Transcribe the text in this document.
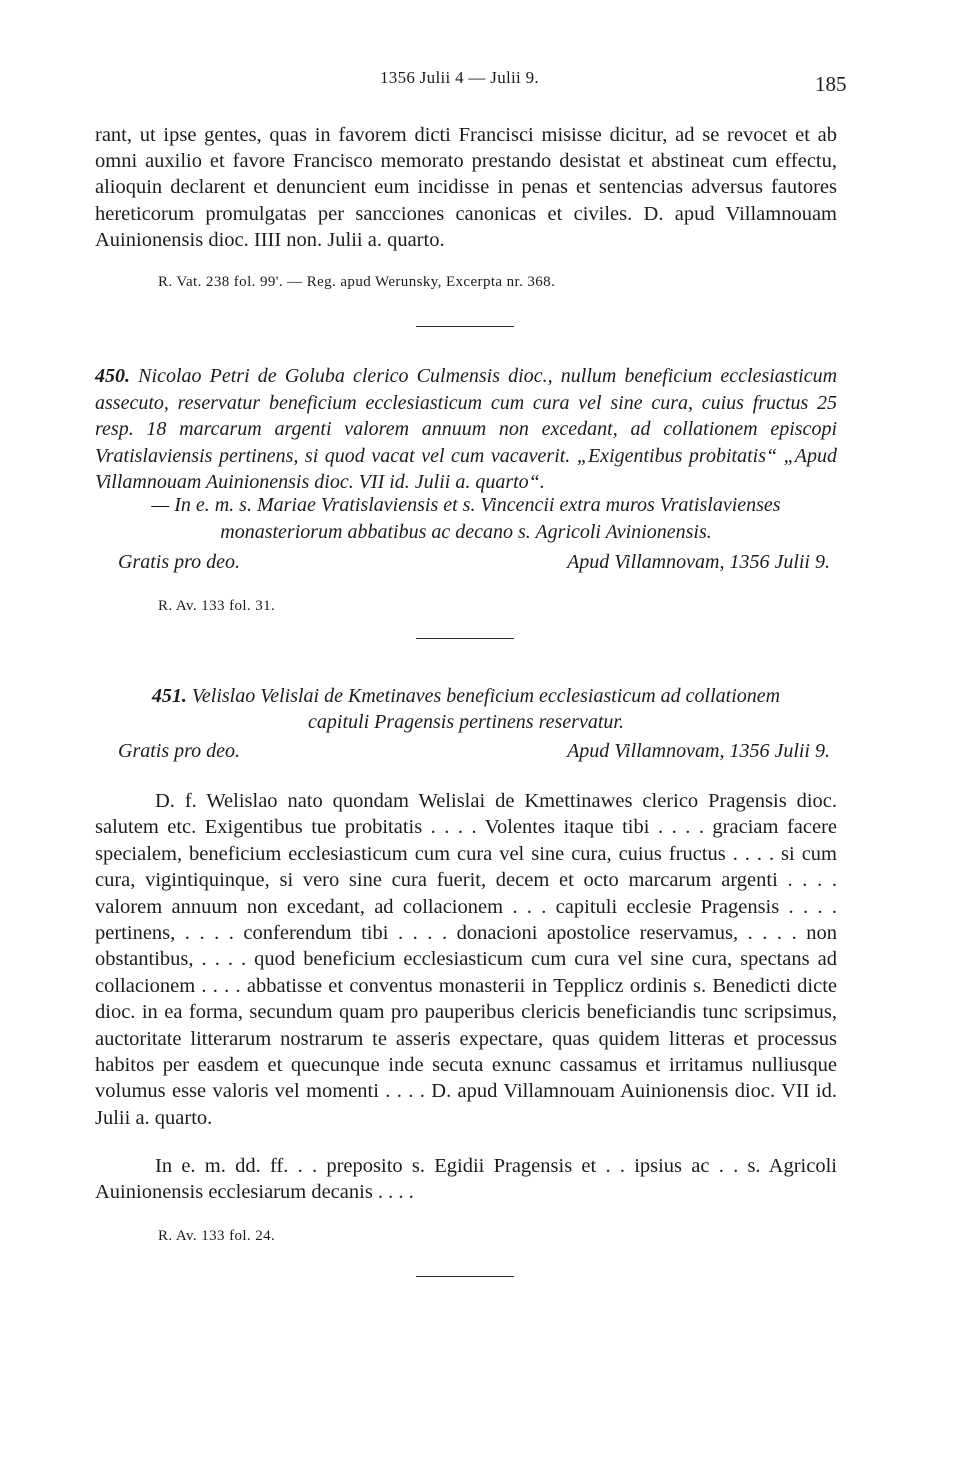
1356 Julii 4 — Julii 9.	185

rant, ut ipse gentes, quas in favorem dicti Francisci misisse dicitur, ad se revocet et ab omni auxilio et favore Francisco memorato prestando desistat et abstineat cum effectu, alioquin declarent et denuncient eum incidisse in penas et sentencias adversus fautores hereticorum promulgatas per sancciones canonicas et civiles. D. apud Villamnouam Auinionensis dioc. IIII non. Julii a. quarto.

R. Vat. 238 fol. 99'. — Reg. apud Werunsky, Excerpta nr. 368.

450. Nicolao Petri de Goluba clerico Culmensis dioc., nullum beneficium ecclesiasticum assecuto, reservatur beneficium ecclesiasticum cum cura vel sine cura, cuius fructus 25 resp. 18 marcarum argenti valorem annuum non excedant, ad collationem episcopi Vratislaviensis pertinens, si quod vacat vel cum vacaverit. „Exigentibus probitatis“ „Apud Villamnouam Auinionensis dioc. VII id. Julii a. quarto“.

— In e. m. s. Mariae Vratislaviensis et s. Vincencii extra muros Vratislavienses monasteriorum abbatibus ac decano s. Agricoli Avinionensis.

Gratis pro deo.	Apud Villamnovam, 1356 Julii 9.
R. Av. 133 fol. 31.

451. Velislao Velislai de Kmetinaves beneficium ecclesiasticum ad collationem
capituli Pragensis pertinens reservatur.

Gratis pro deo.	Apud Villamnovam, 1356 Julii 9.

D. f. Welislao nato quondam Welislai de Kmettinawes clerico Pragensis dioc. salutem etc. Exigentibus tue probitatis . . . . Volentes itaque tibi . . . . graciam facere specialem, beneficium ecclesiasticum cum cura vel sine cura, cuius fructus . . . . si cum cura, vigintiquinque, si vero sine cura fuerit, decem et octo marcarum argenti . . . . valorem annuum non excedant, ad collacionem . . . capituli ecclesie Pragensis . . . . pertinens, . . . . conferendum tibi . . . . donacioni apostolice reservamus, . . . . non obstantibus, . . . . quod beneficium ecclesiasticum cum cura vel sine cura, spectans ad collacionem . . . . abbatisse et conventus monasterii in Tepplicz ordinis s. Benedicti dicte dioc. in ea forma, secundum quam pro pauperibus clericis beneficiandis tunc scripsimus, auctoritate litterarum nostrarum te asseris expectare, quas quidem litteras et processus habitos per easdem et quecunque inde secuta exnunc cassamus et irritamus nulliusque volumus esse valoris vel momenti . . . . D. apud Villamnouam Auinionensis dioc. VII id. Julii a. quarto.

In e. m. dd. ff. . . preposito s. Egidii Pragensis et . . ipsius ac . . s. Agricoli Auinionensis ecclesiarum decanis . . . .

R. Av. 133 fol. 24.
